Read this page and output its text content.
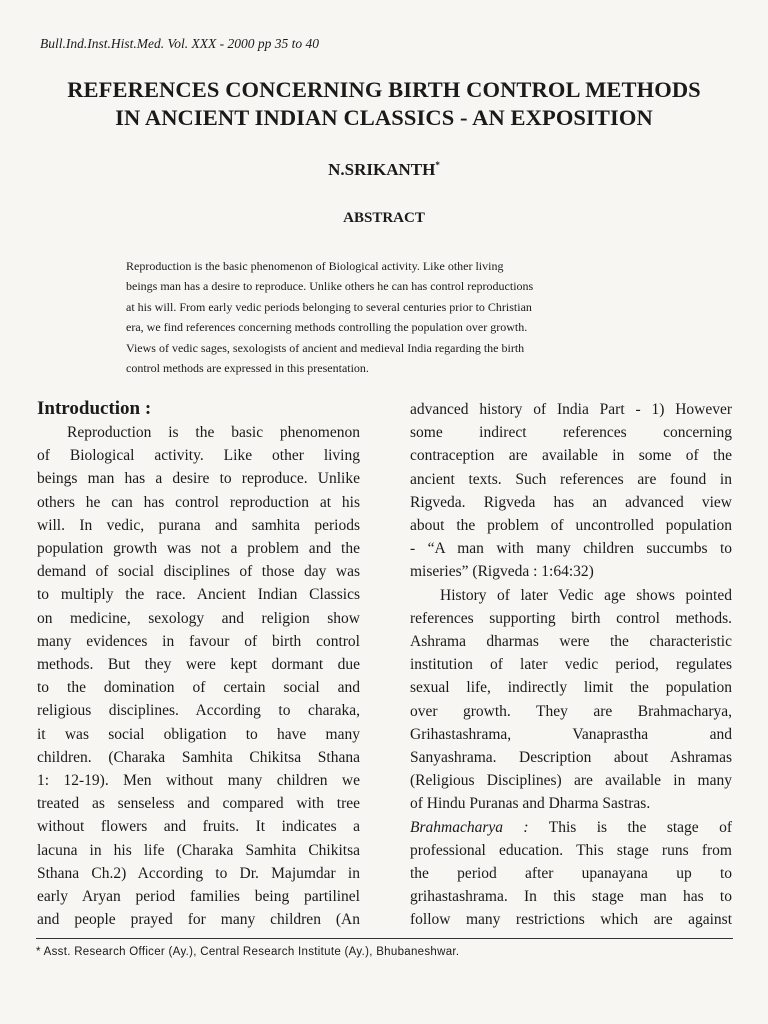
Bull.Ind.Inst.Hist.Med. Vol. XXX - 2000 pp 35 to 40
REFERENCES CONCERNING BIRTH CONTROL METHODS
IN ANCIENT INDIAN CLASSICS - AN EXPOSITION
N.SRIKANTH*
ABSTRACT
Reproduction is the basic phenomenon of Biological activity. Like other living
beings man has a desire to reproduce. Unlike others he can has control reproductions
at his will. From early vedic periods belonging to several centuries prior to Christian
era, we find references concerning methods controlling the population over growth.
Views of vedic sages, sexologists of ancient and medieval India regarding the birth
control methods are expressed in this presentation.
Introduction :
Reproduction is the basic phenomenon
of Biological activity. Like other living
beings man has a desire to reproduce. Unlike
others he can has control reproduction at his
will. In vedic, purana and samhita periods
population growth was not a problem and the
demand of social disciplines of those day was
to multiply the race. Ancient Indian Classics
on medicine, sexology and religion show
many evidences in favour of birth control
methods. But they were kept dormant due
to the domination of certain social and
religious disciplines. According to charaka,
it was social obligation to have many
children. (Charaka Samhita Chikitsa Sthana
1: 12-19). Men without many children we
treated as senseless and compared with tree
without flowers and fruits. It indicates a
lacuna in his life (Charaka Samhita Chikitsa
Sthana Ch.2) According to Dr. Majumdar in
early Aryan period families being partilinel
and people prayed for many children (An
advanced history of India Part - 1) However
some indirect references concerning
contraception are available in some of the
ancient texts. Such references are found in
Rigveda. Rigveda has an advanced view
about the problem of uncontrolled population
- “A man with many children succumbs to
miseries” (Rigveda : 1:64:32)
History of later Vedic age shows pointed
references supporting birth control methods.
Ashrama dharmas were the characteristic
institution of later vedic period, regulates
sexual life, indirectly limit the population
over growth. They are Brahmacharya,
Grihastashrama, Vanaprastha and
Sanyashrama. Description about Ashramas
(Religious Disciplines) are available in many
of Hindu Puranas and Dharma Sastras.
Brahmacharya : This is the stage of
professional education. This stage runs from
the period after upanayana up to
grihastashrama. In this stage man has to
follow many restrictions which are against
* Asst. Research Officer (Ay.), Central Research Institute (Ay.), Bhubaneshwar.
